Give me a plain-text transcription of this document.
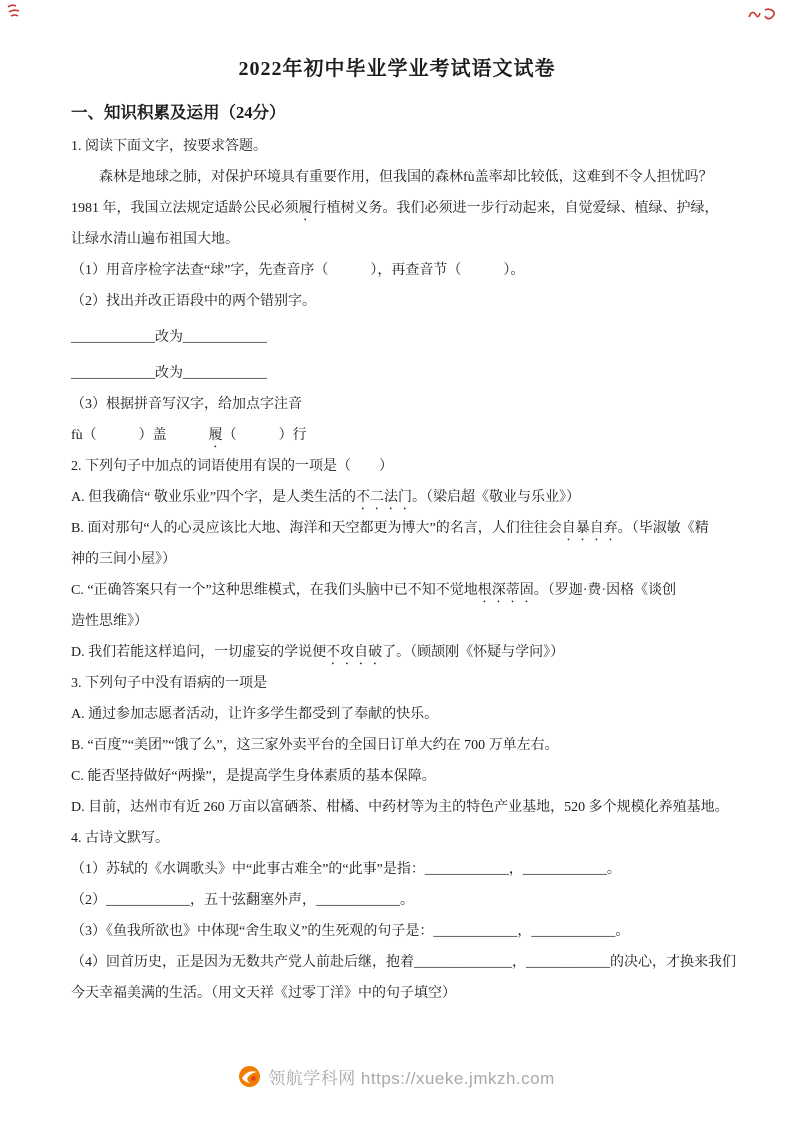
2022年初中毕业学业考试语文试卷
一、知识积累及运用（24分）
1. 阅读下面文字，按要求答题。
森林是地球之肺，对保护环境具有重要作用，但我国的森林fù盖率却比较低，这难到不令人担忧吗？
1981 年，我国立法规定适龄公民必须履行植树义务。我们必须进一步行动起来，自觉爱绿、植绿、护绿，
让绿水清山遍布祖国大地。
（1）用音序检字法查“球”字，先查音序（　　　），再查音节（　　　）。
（2）找出并改正语段中的两个错别字。
____________改为____________
____________改为____________
（3）根据拼音写汉字，给加点字注音
fù（　　　）盖　　　履（　　　）行
2. 下列句子中加点的词语使用有误的一项是（　　）
A. 但我确信“ 敬业乐业”四个字，是人类生活的不二法门。（梁启超《敬业与乐业》）
B. 面对那句“人的心灵应该比大地、海洋和天空都更为博大”的名言，人们往往会自暴自弃。（毕淑敏《精
神的三间小屋》）
C. “正确答案只有一个”这种思维模式，在我们头脑中已不知不觉地根深蒂固。（罗迦·费·因格《谈创
造性思维》）
D. 我们若能这样追问，一切虚妄的学说便不攻自破了。（顾颉刚《怀疑与学问》）
3. 下列句子中没有语病的一项是
A. 通过参加志愿者活动，让许多学生都受到了奉献的快乐。
B. “百度”“美团”“饿了么”，这三家外卖平台的全国日订单大约在 700 万单左右。
C. 能否坚持做好“两操”，是提高学生身体素质的基本保障。
D. 目前，达州市有近 260 万亩以富硒茶、柑橘、中药材等为主的特色产业基地，520 多个规模化养殖基地。
4. 古诗文默写。
（1）苏轼的《水调歌头》中“此事古难全”的“此事”是指：____________，____________。
（2）____________，五十弦翻塞外声，____________。
（3）《鱼我所欲也》中体现“舍生取义”的生死观的句子是：____________，____________。
（4）回首历史，正是因为无数共产党人前赴后继，抱着______________，____________的决心，才换来我们
今天幸福美满的生活。（用文天祥《过零丁洋》中的句子填空）
领航学科网 https://xueke.jmkzh.com
